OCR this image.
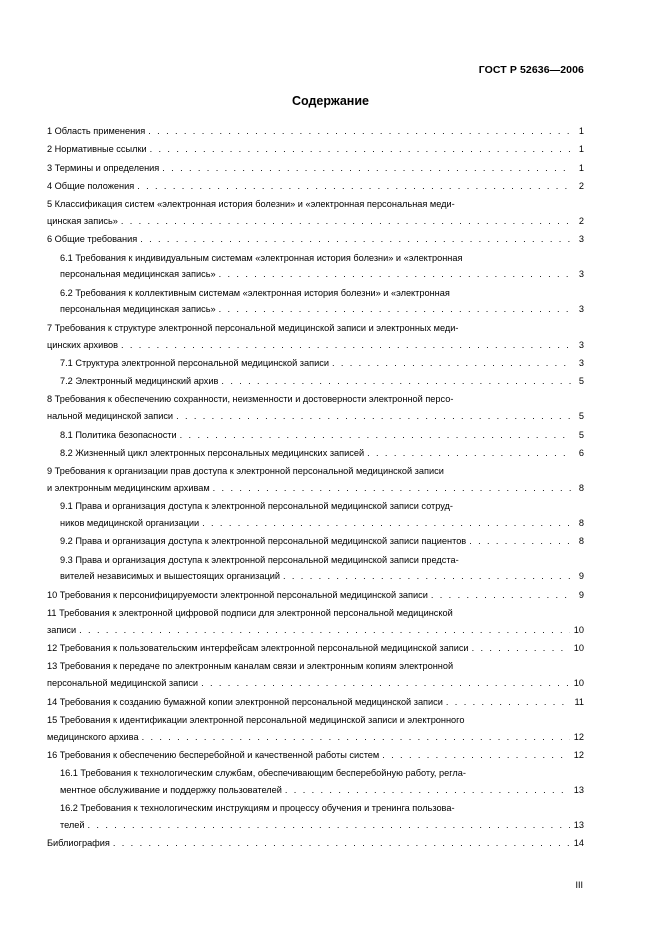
ГОСТ Р 52636—2006
Содержание
1 Область применения . . .	1
2 Нормативные ссылки . . .	1
3 Термины и определения . . .	1
4 Общие положения . . .	2
5 Классификация систем «электронная история болезни» и «электронная персональная меди-
цинская запись» . . .	2
6 Общие требования . . .	3
6.1 Требования к индивидуальным системам «электронная история болезни» и «электронная
персональная медицинская запись» . . .	3
6.2 Требования к коллективным системам «электронная история болезни» и «электронная
персональная медицинская запись» . . .	3
7 Требования к структуре электронной персональной медицинской записи и электронных меди-
цинских архивов . . .	3
7.1 Структура электронной персональной медицинской записи . . .	3
7.2 Электронный медицинский архив . . .	5
8 Требования к обеспечению сохранности, неизменности и достоверности электронной персо-
нальной медицинской записи . . .	5
8.1 Политика безопасности . . .	5
8.2 Жизненный цикл электронных персональных медицинских записей . . .	6
9 Требования к организации прав доступа к электронной персональной медицинской записи
и электронным медицинским архивам . . .	8
9.1 Права и организация доступа к электронной персональной медицинской записи сотруд-
ников медицинской организации . . .	8
9.2 Права и организация доступа к электронной персональной медицинской записи пациентов . . .	8
9.3 Права и организация доступа к электронной персональной медицинской записи предста-
вителей независимых и вышестоящих организаций . . .	9
10 Требования к персонифицируемости электронной персональной медицинской записи . . .	9
11 Требования к электронной цифровой подписи для электронной персональной медицинской
записи . . .	10
12 Требования к пользовательским интерфейсам электронной персональной медицинской записи . . .	10
13 Требования к передаче по электронным каналам связи и электронным копиям электронной
персональной медицинской записи . . .	10
14 Требования к созданию бумажной копии электронной персональной медицинской записи . . .	11
15 Требования к идентификации электронной персональной медицинской записи и электронного
медицинского архива . . .	12
16 Требования к обеспечению бесперебойной и качественной работы систем . . .	12
16.1 Требования к технологическим службам, обеспечивающим бесперебойную работу, регла-
ментное обслуживание и поддержку пользователей . . .	13
16.2 Требования к технологическим инструкциям и процессу обучения и тренинга пользова-
телей . . .	13
Библиография . . .	14
III
